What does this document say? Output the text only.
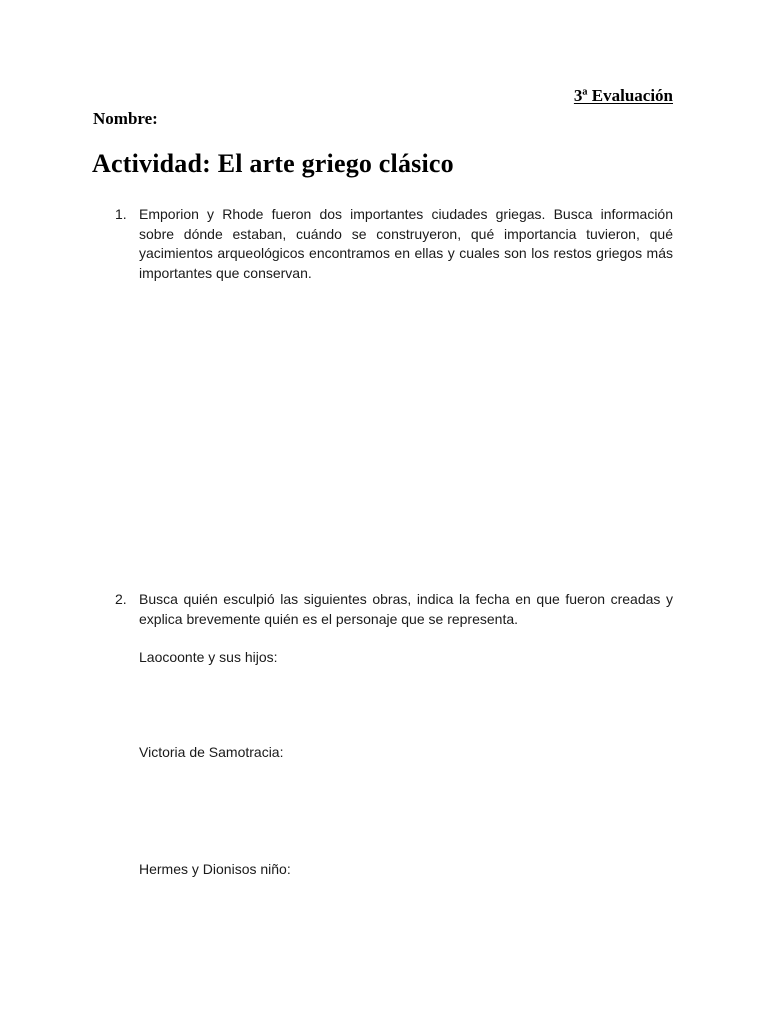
3ª Evaluación
Nombre:
Actividad: El arte griego clásico
1. Emporion y Rhode fueron dos importantes ciudades griegas. Busca información sobre dónde estaban, cuándo se construyeron, qué importancia tuvieron, qué yacimientos arqueológicos encontramos en ellas y cuales son los restos griegos más importantes que conservan.
2. Busca quién esculpió las siguientes obras, indica la fecha en que fueron creadas y explica brevemente quién es el personaje que se representa.
Laocoonte y sus hijos:
Victoria de Samotracia:
Hermes y Dionisos niño:
